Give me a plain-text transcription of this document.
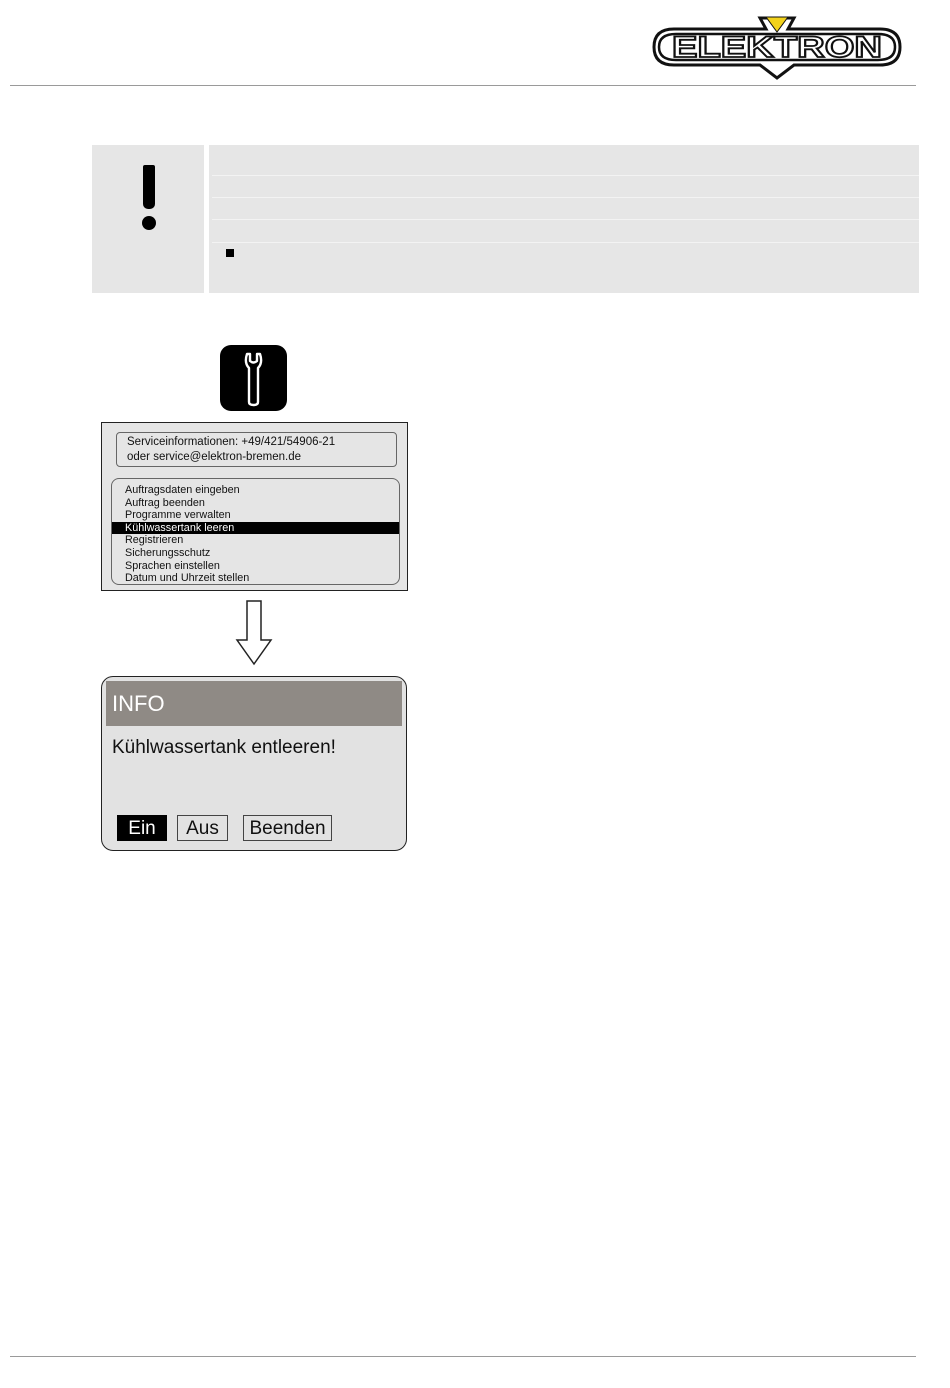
ELEKTRON
Serviceinformationen: +49/421/54906-21
oder service@elektron-bremen.de
Auftragsdaten eingeben
Auftrag beenden
Programme verwalten
Kühlwassertank leeren
Registrieren
Sicherungsschutz
Sprachen einstellen
Datum und Uhrzeit stellen
INFO
Kühlwassertank entleeren!
Ein	Aus	Beenden
